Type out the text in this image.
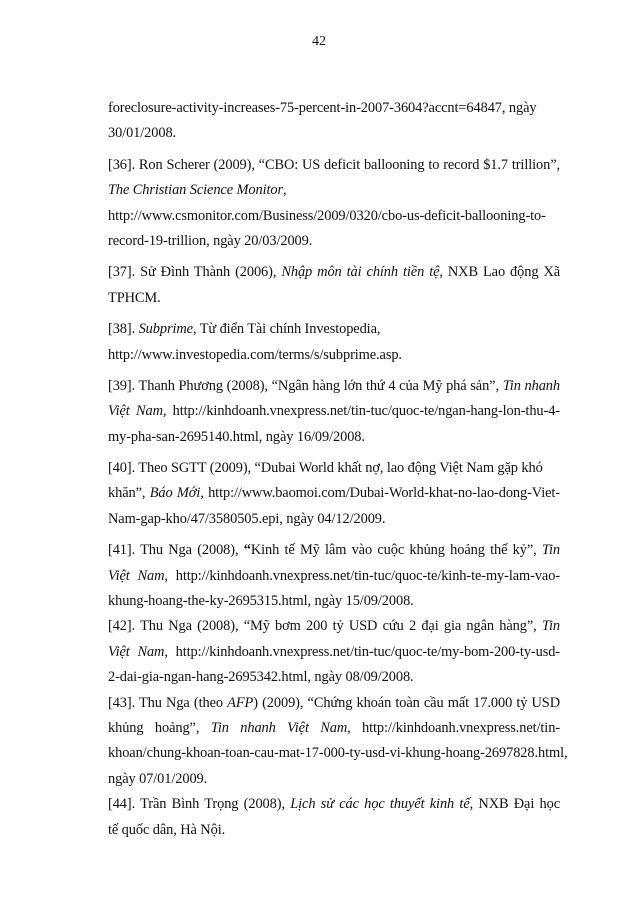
42
foreclosure-activity-increases-75-percent-in-2007-3604?accnt=64847, ngày
30/01/2008.
[36]. Ron Scherer (2009), “CBO: US deficit ballooning to record $1.7 trillion”,
The Christian Science Monitor,
http://www.csmonitor.com/Business/2009/0320/cbo-us-deficit-ballooning-to-
record-19-trillion, ngày 20/03/2009.
[37]. Sử Đình Thành (2006), Nhập môn tài chính tiền tệ, NXB Lao động Xã
TPHCM.
[38]. Subprime, Từ điển Tài chính Investopedia,
http://www.investopedia.com/terms/s/subprime.asp.
[39]. Thanh Phương (2008), “Ngân hàng lớn thứ 4 của Mỹ phá sản”, Tin nhanh
Việt Nam, http://kinhdoanh.vnexpress.net/tin-tuc/quoc-te/ngan-hang-lon-thu-4-
my-pha-san-2695140.html, ngày 16/09/2008.
[40]. Theo SGTT (2009), “Dubai World khất nợ, lao động Việt Nam gặp khó
khăn”, Báo Mới, http://www.baomoi.com/Dubai-World-khat-no-lao-dong-Viet-
Nam-gap-kho/47/3580505.epi, ngày 04/12/2009.
[41]. Thu Nga (2008), “Kinh tế Mỹ lâm vào cuộc khủng hoảng thế kỷ”, Tin
Việt Nam, http://kinhdoanh.vnexpress.net/tin-tuc/quoc-te/kinh-te-my-lam-vao-
khung-hoang-the-ky-2695315.html, ngày 15/09/2008.
[42]. Thu Nga (2008), “Mỹ bơm 200 tỷ USD cứu 2 đại gia ngân hàng”, Tin
Việt Nam, http://kinhdoanh.vnexpress.net/tin-tuc/quoc-te/my-bom-200-ty-usd-
2-dai-gia-ngan-hang-2695342.html, ngày 08/09/2008.
[43]. Thu Nga (theo AFP) (2009), “Chứng khoán toàn cầu mất 17.000 tỷ USD
khủng hoảng”, Tin nhanh Việt Nam, http://kinhdoanh.vnexpress.net/tin-
khoan/chung-khoan-toan-cau-mat-17-000-ty-usd-vi-khung-hoang-2697828.html,
ngày 07/01/2009.
[44]. Trần Bình Trọng (2008), Lịch sử các học thuyết kinh tế, NXB Đại học
tế quốc dân, Hà Nội.
